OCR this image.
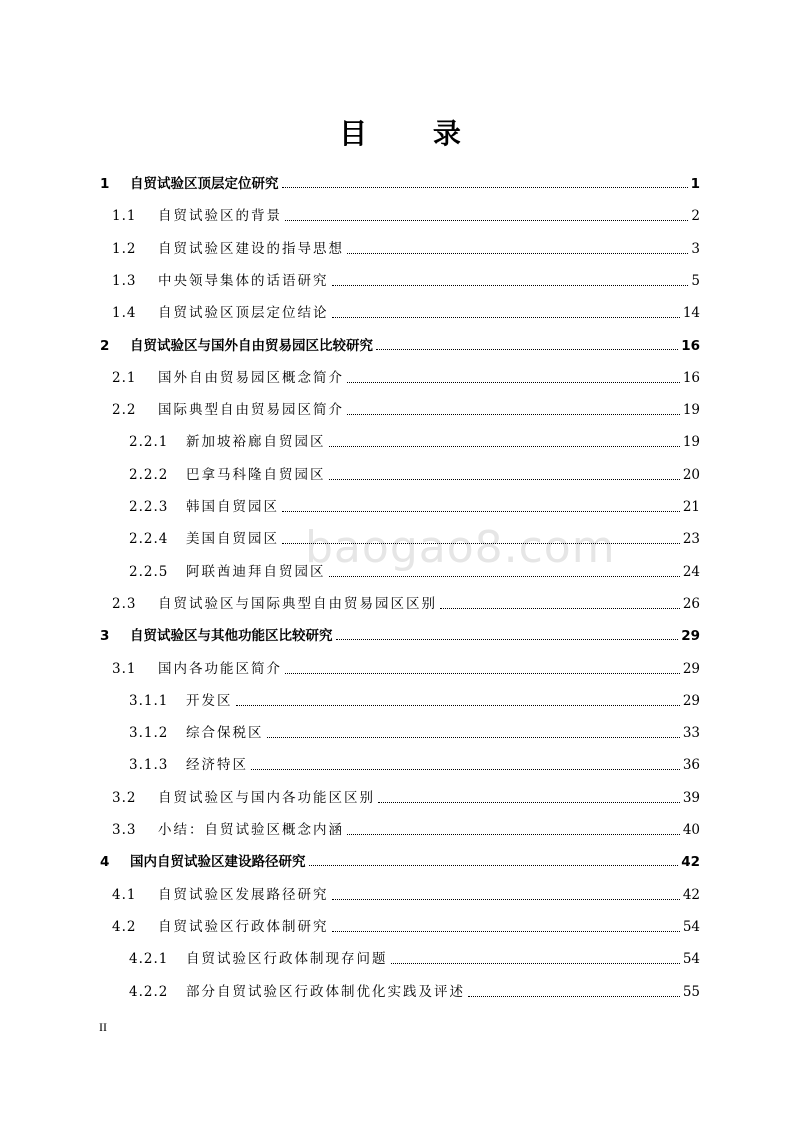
目 录
baogao8.com
1	自贸试验区顶层定位研究	1
1.1	自贸试验区的背景	2
1.2	自贸试验区建设的指导思想	3
1.3	中央领导集体的话语研究	5
1.4	自贸试验区顶层定位结论	14
2	自贸试验区与国外自由贸易园区比较研究	16
2.1	国外自由贸易园区概念简介	16
2.2	国际典型自由贸易园区简介	19
2.2.1	新加坡裕廊自贸园区	19
2.2.2	巴拿马科隆自贸园区	20
2.2.3	韩国自贸园区	21
2.2.4	美国自贸园区	23
2.2.5	阿联酋迪拜自贸园区	24
2.3	自贸试验区与国际典型自由贸易园区区别	26
3	自贸试验区与其他功能区比较研究	29
3.1	国内各功能区简介	29
3.1.1	开发区	29
3.1.2	综合保税区	33
3.1.3	经济特区	36
3.2	自贸试验区与国内各功能区区别	39
3.3	小结：自贸试验区概念内涵	40
4	国内自贸试验区建设路径研究	42
4.1	自贸试验区发展路径研究	42
4.2	自贸试验区行政体制研究	54
4.2.1	自贸试验区行政体制现存问题	54
4.2.2	部分自贸试验区行政体制优化实践及评述	55
II
